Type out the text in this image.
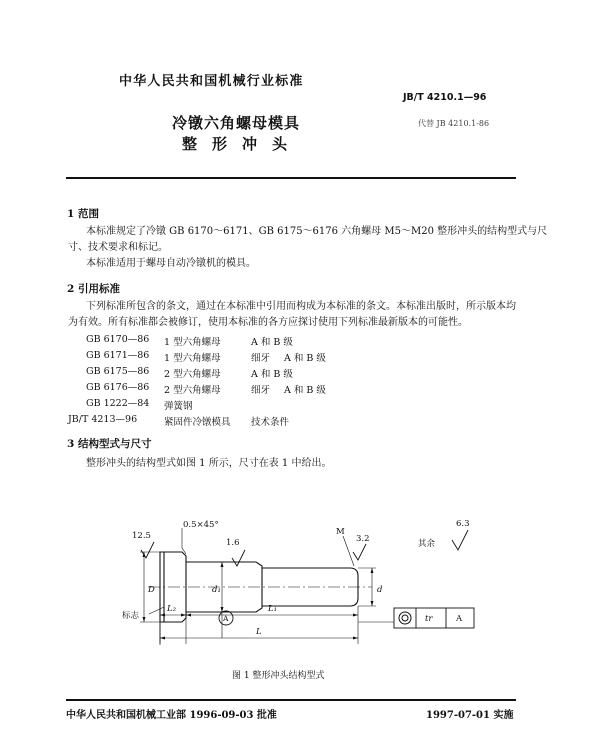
中华人民共和国机械行业标准
JB/T 4210.1—96
冷镦六角螺母模具	代替 JB 4210.1-86
整形冲头
1 范围
本标准规定了冷镦 GB 6170～6171、GB 6175～6176 六角螺母 M5～M20 整形冲头的结构型式与尺
寸、技术要求和标记。
本标准适用于螺母自动冷镦机的模具。
2 引用标准
下列标准所包含的条文，通过在本标准中引用而构成为本标准的条文。本标准出版时，所示版本均
为有效。所有标准都会被修订，使用本标准的各方应探讨使用下列标准最新版本的可能性。
GB 6170—86 1 型六角螺母	A 和 B 级
GB 6171—86 1 型六角螺母	细牙 A 和 B 级
GB 6175—86 2 型六角螺母	A 和 B 级
GB 6176—86 2 型六角螺母	细牙 A 和 B 级
GB 1222—84 弹簧钢
JB/T 4213—96	紧固件冷镦模具 技术条件
3 结构型式与尺寸
整形冲头的结构型式如图 1 所示，尺寸在表 1 中给出。
0.5×45°
12.5
1.6	3.2
6.3
其余
M
D	d₁	d
L₂	L₁
L
标志	A	tr	A
图 1 整形冲头结构型式
中华人民共和国机械工业部 1996-09-03 批准	1997-07-01 实施
